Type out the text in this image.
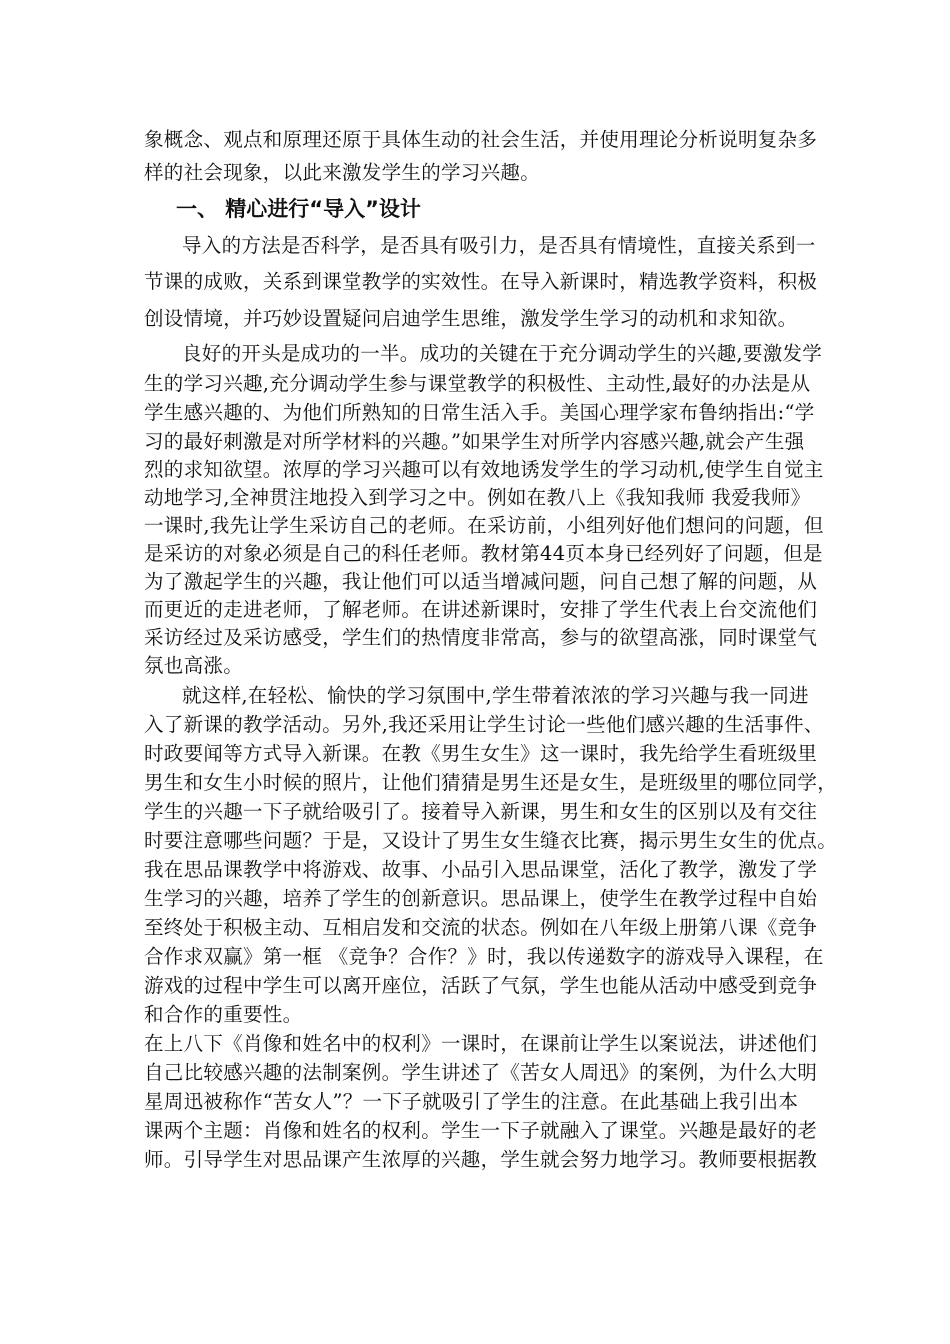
象概念、观点和原理还原于具体生动的社会生活，并使用理论分析说明复杂多
样的社会现象，以此来激发学生的学习兴趣。
一、 精心进行“导入”设计
导入的方法是否科学，是否具有吸引力，是否具有情境性，直接关系到一
节课的成败，关系到课堂教学的实效性。在导入新课时，精选教学资料，积极
创设情境，并巧妙设置疑问启迪学生思维，激发学生学习的动机和求知欲。
良好的开头是成功的一半。成功的关键在于充分调动学生的兴趣,要激发学
生的学习兴趣,充分调动学生参与课堂教学的积极性、主动性,最好的办法是从
学生感兴趣的、为他们所熟知的日常生活入手。美国心理学家布鲁纳指出:“学
习的最好刺激是对所学材料的兴趣。”如果学生对所学内容感兴趣,就会产生强
烈的求知欲望。浓厚的学习兴趣可以有效地诱发学生的学习动机,使学生自觉主
动地学习,全神贯注地投入到学习之中。例如在教八上《我知我师 我爱我师》
一课时,我先让学生采访自己的老师。在采访前，小组列好他们想问的问题，但
是采访的对象必须是自己的科任老师。教材第44页本身已经列好了问题，但是
为了激起学生的兴趣，我让他们可以适当增减问题，问自己想了解的问题，从
而更近的走进老师，了解老师。在讲述新课时，安排了学生代表上台交流他们
采访经过及采访感受，学生们的热情度非常高，参与的欲望高涨，同时课堂气
氛也高涨。
就这样,在轻松、愉快的学习氛围中,学生带着浓浓的学习兴趣与我一同进
入了新课的教学活动。另外,我还采用让学生讨论一些他们感兴趣的生活事件、
时政要闻等方式导入新课。在教《男生女生》这一课时，我先给学生看班级里
男生和女生小时候的照片，让他们猜猜是男生还是女生，是班级里的哪位同学，
学生的兴趣一下子就给吸引了。接着导入新课，男生和女生的区别以及有交往
时要注意哪些问题？于是，又设计了男生女生缝衣比赛，揭示男生女生的优点。
我在思品课教学中将游戏、故事、小品引入思品课堂，活化了教学，激发了学
生学习的兴趣，培养了学生的创新意识。思品课上，使学生在教学过程中自始
至终处于积极主动、互相启发和交流的状态。例如在八年级上册第八课《竞争
合作求双赢》第一框 《竞争？合作？》时，我以传递数字的游戏导入课程，在
游戏的过程中学生可以离开座位，活跃了气氛，学生也能从活动中感受到竞争
和合作的重要性。
在上八下《肖像和姓名中的权利》一课时，在课前让学生以案说法，讲述他们
自己比较感兴趣的法制案例。学生讲述了《苦女人周迅》的案例，为什么大明
星周迅被称作“苦女人”？一下子就吸引了学生的注意。在此基础上我引出本
课两个主题：肖像和姓名的权利。学生一下子就融入了课堂。兴趣是最好的老
师。引导学生对思品课产生浓厚的兴趣，学生就会努力地学习。教师要根据教
